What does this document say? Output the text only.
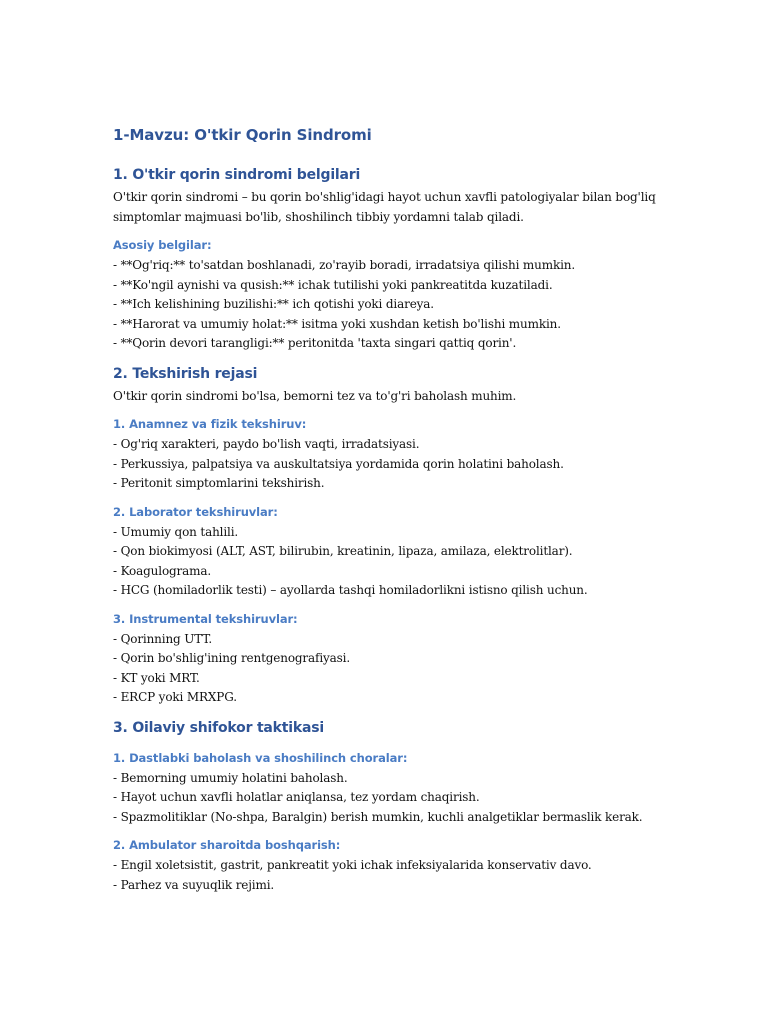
1-Mavzu: O'tkir Qorin Sindromi
1. O'tkir qorin sindromi belgilari

O'tkir qorin sindromi – bu qorin bo'shlig'idagi hayot uchun xavfli patologiyalar bilan bog'liq

simptomlar majmuasi bo'lib, shoshilinch tibbiy yordamni talab qiladi.

Asosiy belgilar:
- **Og'riq:** to'satdan boshlanadi, zo'rayib boradi, irradatsiya qilishi mumkin.
- **Ko'ngil aynishi va qusish:** ichak tutilishi yoki pankreatitda kuzatiladi.
- **Ich kelishining buzilishi:** ich qotishi yoki diareya.
- **Harorat va umumiy holat:** isitma yoki xushdan ketish bo'lishi mumkin.
- **Qorin devori tarangligi:** peritonitda 'taxta singari qattiq qorin'.
2. Tekshirish rejasi

O'tkir qorin sindromi bo'lsa, bemorni tez va to'g'ri baholash muhim.

1. Anamnez va fizik tekshiruv:
- Og'riq xarakteri, paydo bo'lish vaqti, irradatsiyasi.
- Perkussiya, palpatsiya va auskultatsiya yordamida qorin holatini baholash.
- Peritonit simptomlarini tekshirish.
2. Laborator tekshiruvlar:
- Umumiy qon tahlili.
- Qon biokimyosi (ALT, AST, bilirubin, kreatinin, lipaza, amilaza, elektrolitlar).
- Koagulograma.
- HCG (homiladorlik testi) – ayollarda tashqi homiladorlikni istisno qilish uchun.
3. Instrumental tekshiruvlar:
- Qorinning UTT.
- Qorin bo'shlig'ining rentgenografiyasi.
- KT yoki MRT.
- ERCP yoki MRXPG.
3. Oilaviy shifokor taktikasi
1. Dastlabki baholash va shoshilinch choralar:
- Bemorning umumiy holatini baholash.
- Hayot uchun xavfli holatlar aniqlansa, tez yordam chaqirish.
- Spazmolitiklar (No-shpa, Baralgin) berish mumkin, kuchli analgetiklar bermaslik kerak.
2. Ambulator sharoitda boshqarish:
- Engil xoletsistit, gastrit, pankreatit yoki ichak infeksiyalarida konservativ davo.
- Parhez va suyuqlik rejimi.
